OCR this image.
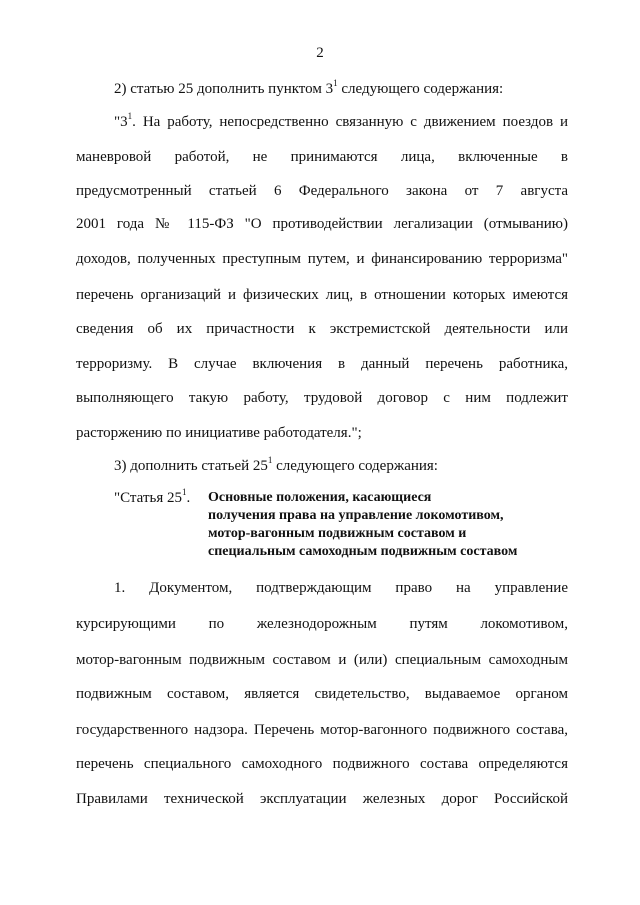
2
2) статью 25 дополнить пунктом $3^1$ следующего содержания:
"$3^1$. На работу, непосредственно связанную с движением поездов и
маневровой работой, не принимаются лица, включенные в
предусмотренный статьей 6 Федерального закона от 7 августа
2001 года № 115-ФЗ "О противодействии легализации (отмыванию)
доходов, полученных преступным путем, и финансированию терроризма"
перечень организаций и физических лиц, в отношении которых имеются
сведения об их причастности к экстремистской деятельности или
терроризму. В случае включения в данный перечень работника,
выполняющего такую работу, трудовой договор с ним подлежит
расторжению по инициативе работодателя.";
3) дополнить статьей $25^1$ следующего содержания:
"Статья $25^1$. Основные положения, касающиеся
получения права на управление локомотивом,
мотор-вагонным подвижным составом и
специальным самоходным подвижным составом
1. Документом, подтверждающим право на управление
курсирующими по железнодорожным путям локомотивом,
мотор-вагонным подвижным составом и (или) специальным самоходным
подвижным составом, является свидетельство, выдаваемое органом
государственного надзора. Перечень мотор-вагонного подвижного состава,
перечень специального самоходного подвижного состава определяются
Правилами технической эксплуатации железных дорог Российской
